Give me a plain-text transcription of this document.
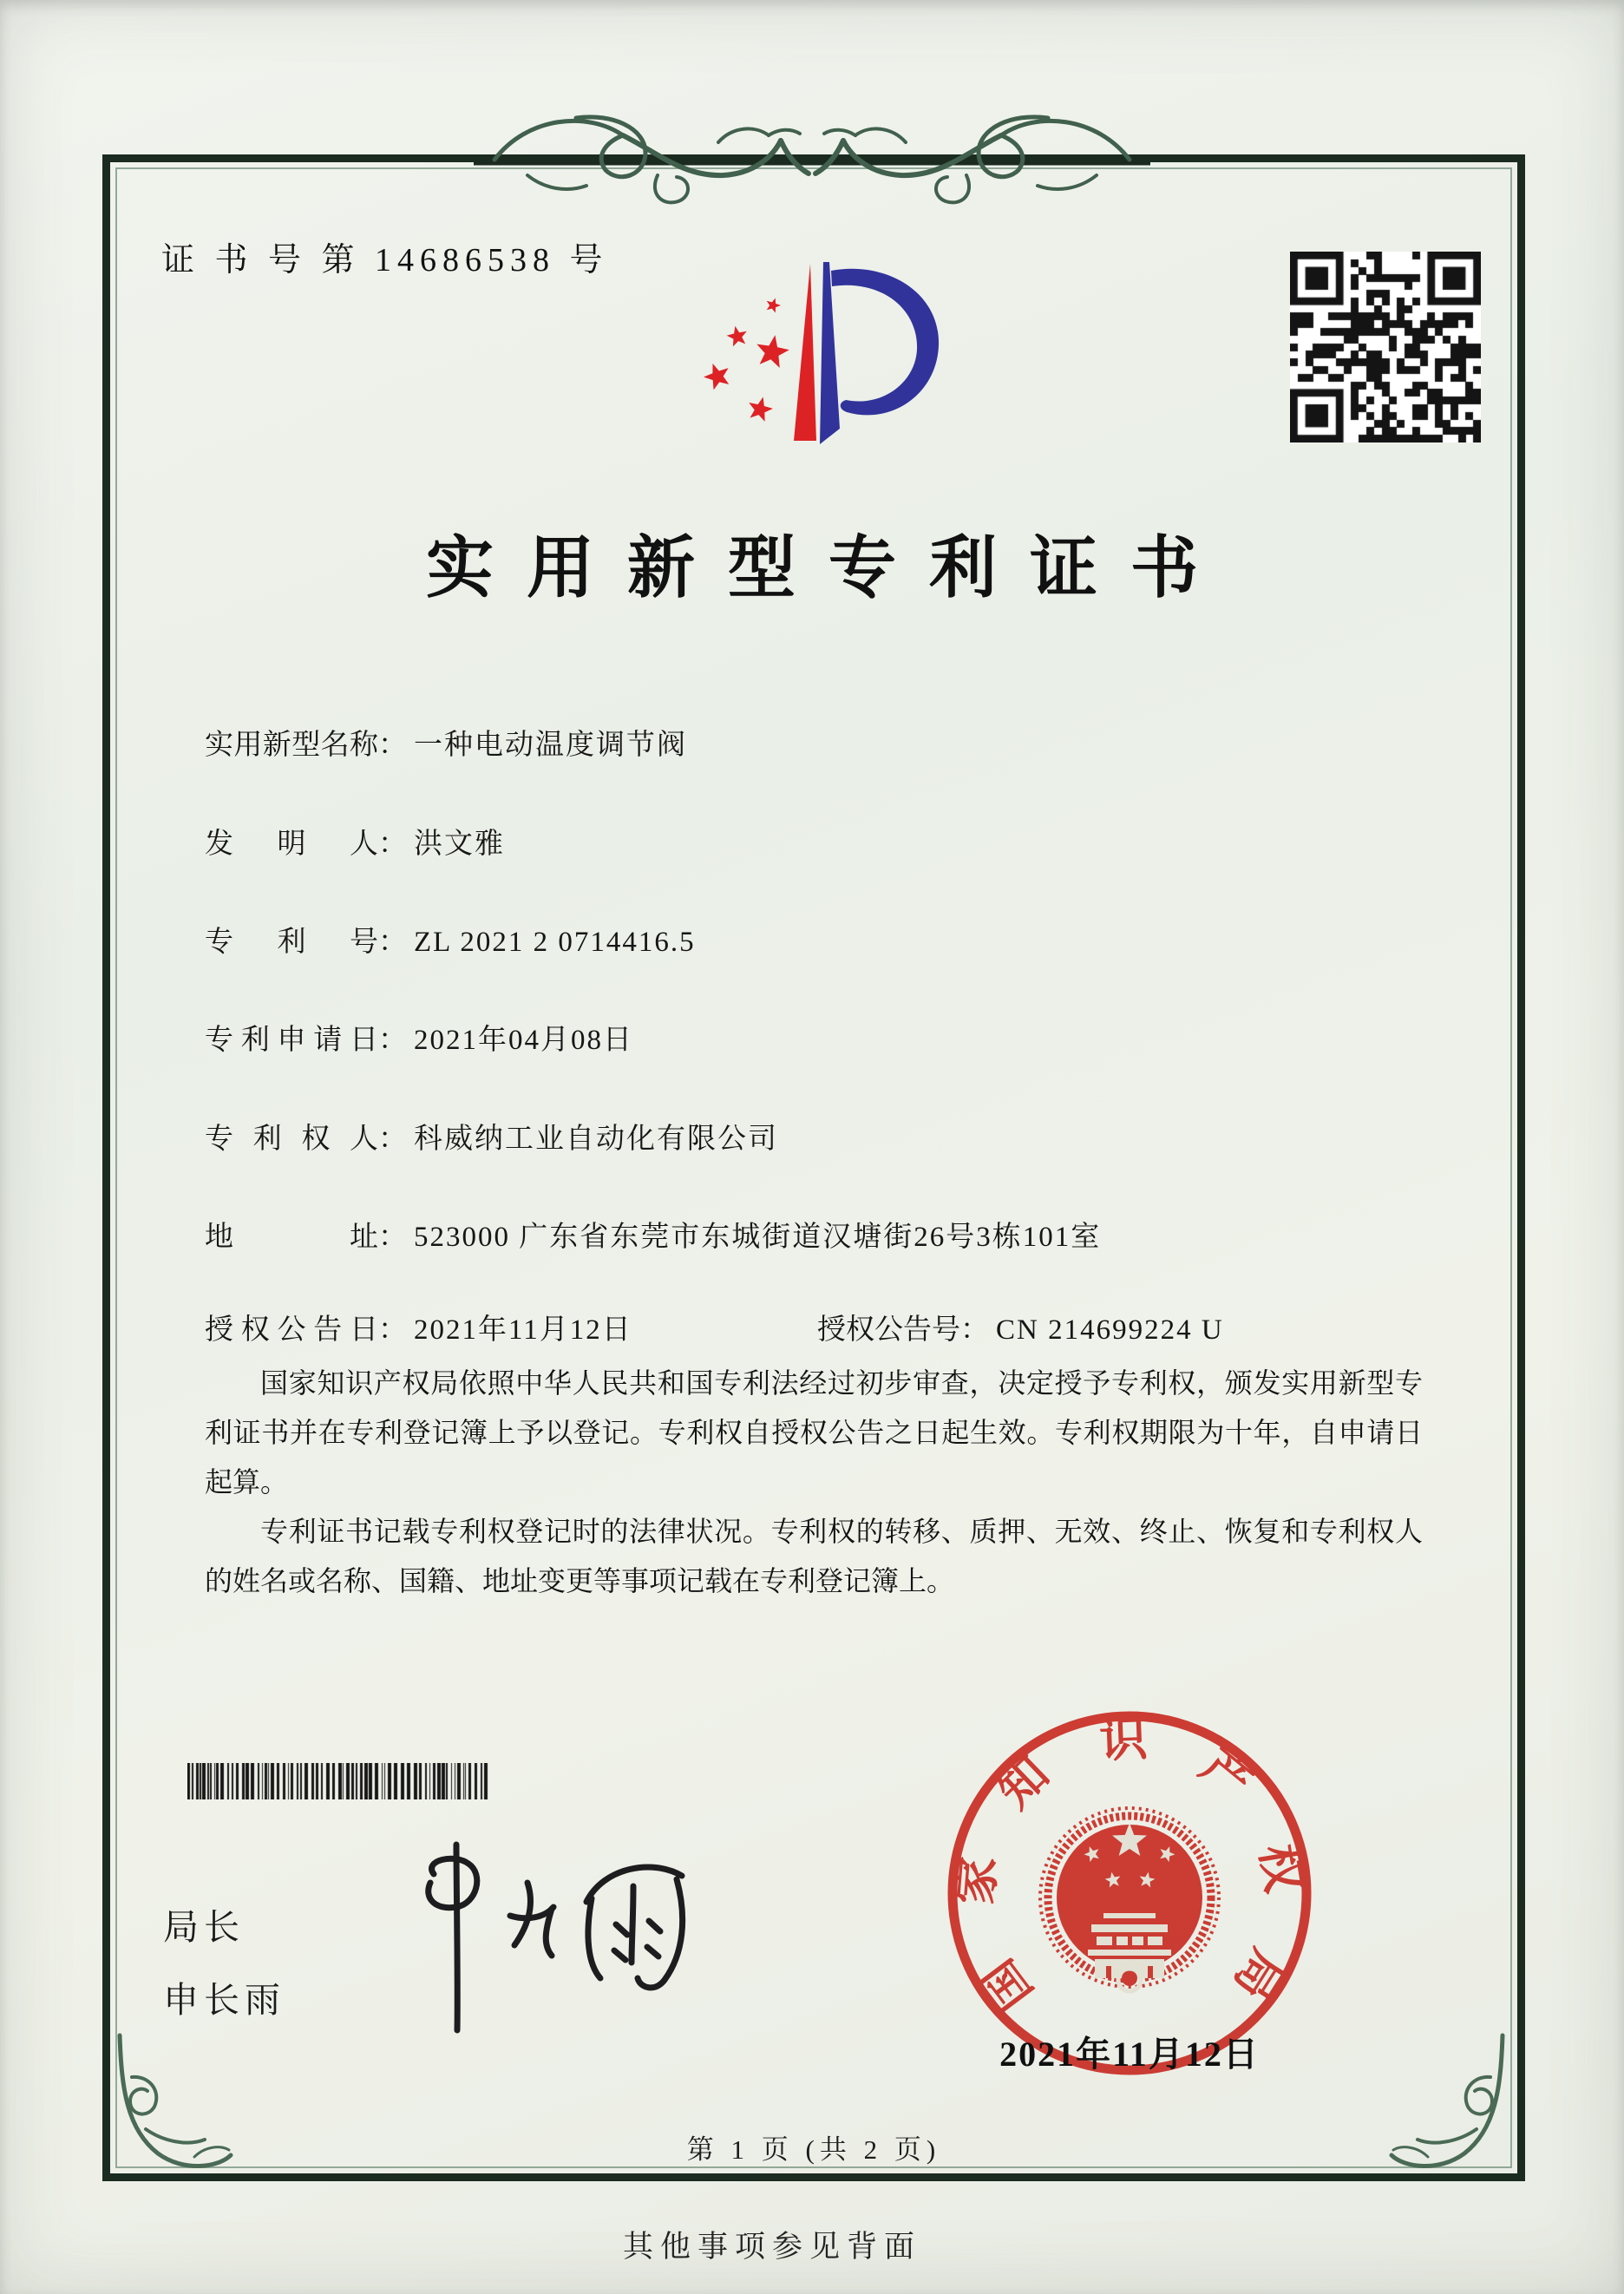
证 书 号 第 14686538 号
实用新型专利证书
实用新型名称： 一种电动温度调节阀
发明人： 洪文雅
专利号： ZL 2021 2 0714416.5
专利申请日： 2021年04月08日
专利权人： 科威纳工业自动化有限公司
地址： 523000 广东省东莞市东城街道汉塘街26号3栋101室
授权公告日： 2021年11月12日	授权公告号： CN 214699224 U

国家知识产权局依照中华人民共和国专利法经过初步审查，决定授予专利权，颁发实用新型专利证书并在专利登记簿上予以登记。专利权自授权公告之日起生效。专利权期限为十年，自申请日起算。

专利证书记载专利权登记时的法律状况。专利权的转移、质押、无效、终止、恢复和专利权人的姓名或名称、国籍、地址变更等事项记载在专利登记簿上。

局长
申长雨	国家知识产权局
2021年11月12日
第 1 页 (共 2 页)
其他事项参见背面
